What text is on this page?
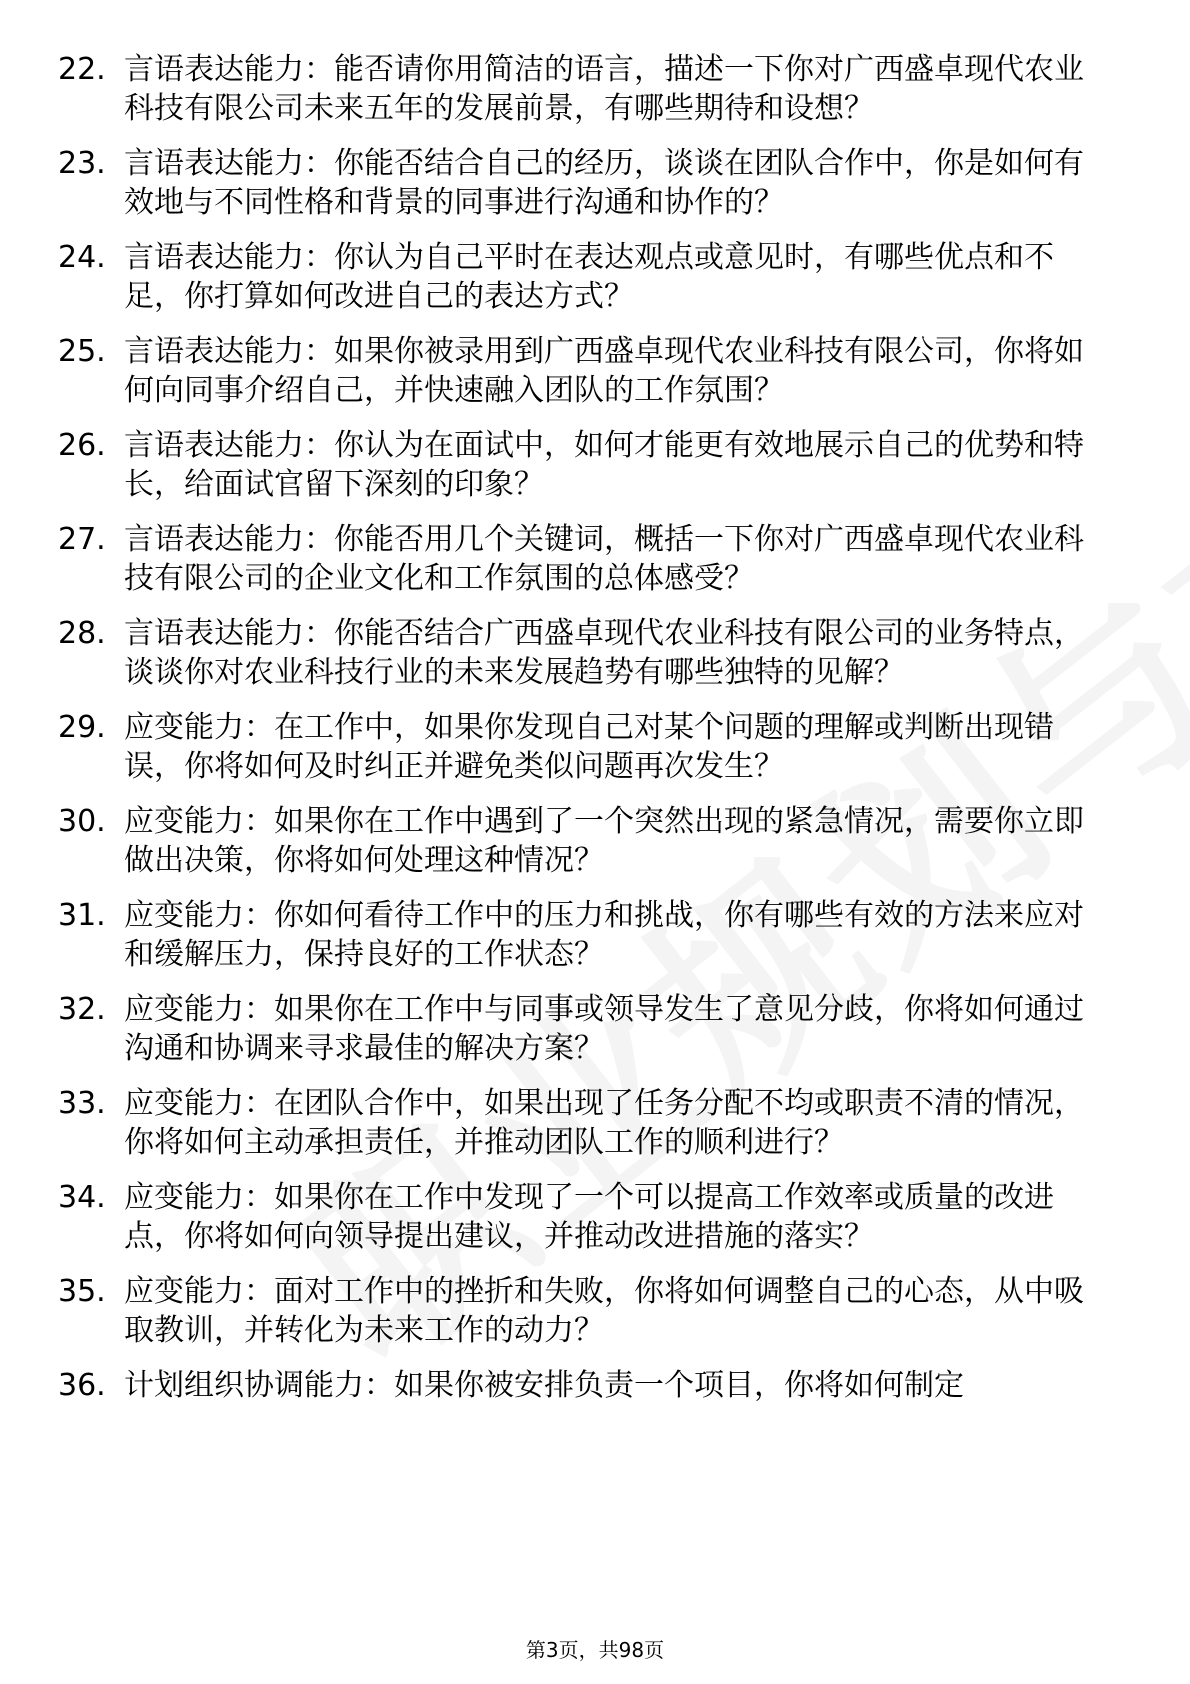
22. 言语表达能力：能否请你用简洁的语言，描述一下你对广西盛卓现代农业科技有限公司未来五年的发展前景，有哪些期待和设想？
23. 言语表达能力：你能否结合自己的经历，谈谈在团队合作中，你是如何有效地与不同性格和背景的同事进行沟通和协作的？
24. 言语表达能力：你认为自己平时在表达观点或意见时，有哪些优点和不足，你打算如何改进自己的表达方式？
25. 言语表达能力：如果你被录用到广西盛卓现代农业科技有限公司，你将如何向同事介绍自己，并快速融入团队的工作氛围？
26. 言语表达能力：你认为在面试中，如何才能更有效地展示自己的优势和特长，给面试官留下深刻的印象？
27. 言语表达能力：你能否用几个关键词，概括一下你对广西盛卓现代农业科技有限公司的企业文化和工作氛围的总体感受？
28. 言语表达能力：你能否结合广西盛卓现代农业科技有限公司的业务特点，谈谈你对农业科技行业的未来发展趋势有哪些独特的见解？
29. 应变能力：在工作中，如果你发现自己对某个问题的理解或判断出现错误，你将如何及时纠正并避免类似问题再次发生？
30. 应变能力：如果你在工作中遇到了一个突然出现的紧急情况，需要你立即做出决策，你将如何处理这种情况？
31. 应变能力：你如何看待工作中的压力和挑战，你有哪些有效的方法来应对和缓解压力，保持良好的工作状态？
32. 应变能力：如果你在工作中与同事或领导发生了意见分歧，你将如何通过沟通和协调来寻求最佳的解决方案？
33. 应变能力：在团队合作中，如果出现了任务分配不均或职责不清的情况，你将如何主动承担责任，并推动团队工作的顺利进行？
34. 应变能力：如果你在工作中发现了一个可以提高工作效率或质量的改进点，你将如何向领导提出建议，并推动改进措施的落实？
35. 应变能力：面对工作中的挫折和失败，你将如何调整自己的心态，从中吸取教训，并转化为未来工作的动力？
36. 计划组织协调能力：如果你被安排负责一个项目，你将如何制定
第3页，共98页
